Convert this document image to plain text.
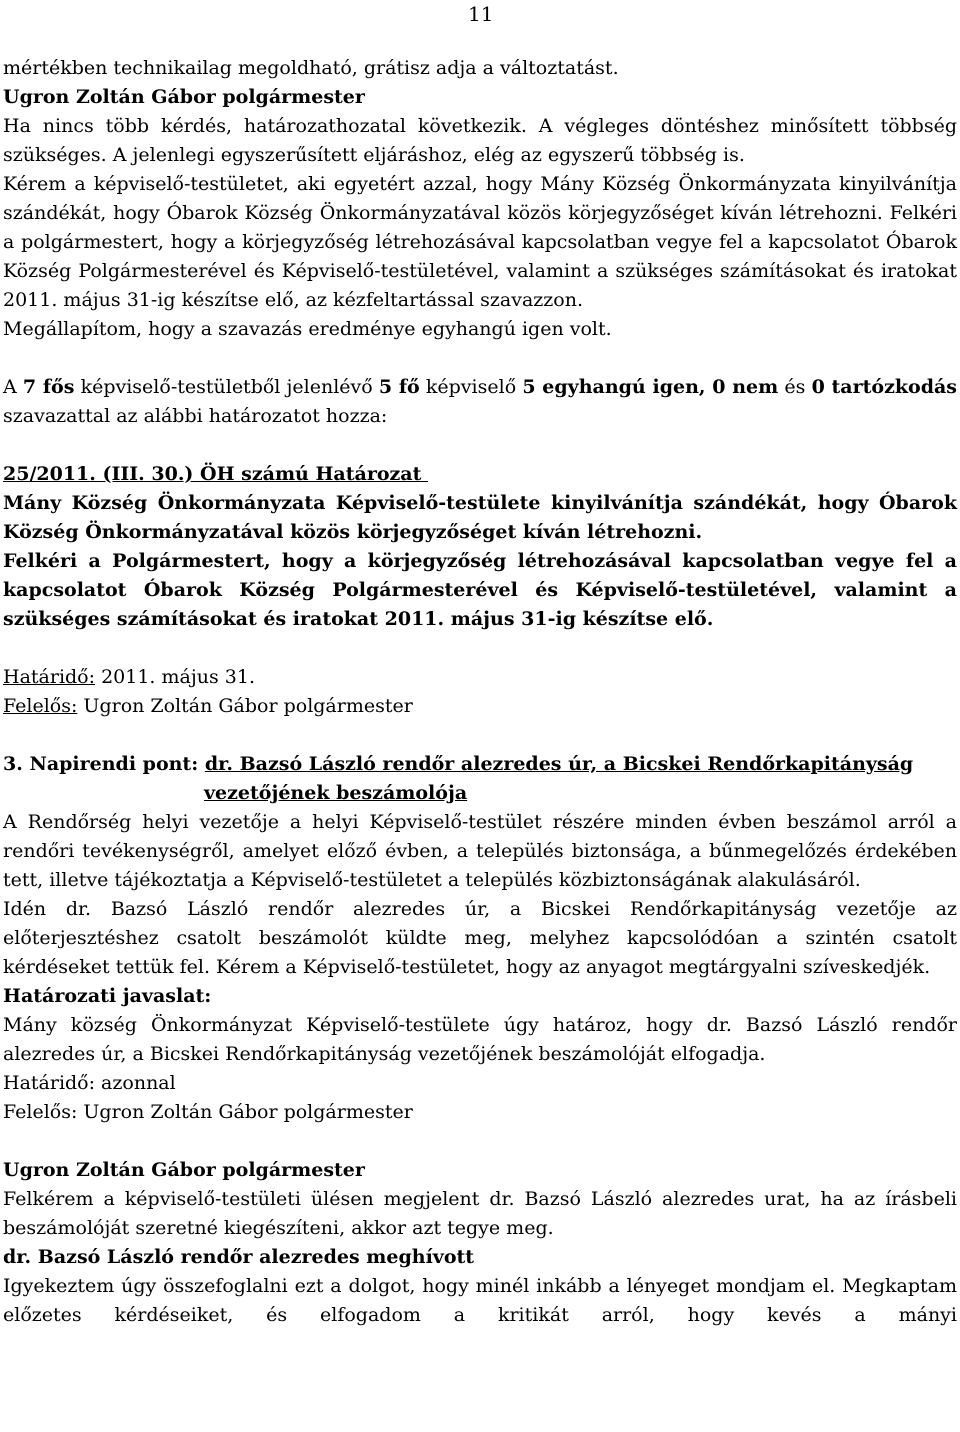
11

mértékben technikailag megoldható, grátisz adja a változtatást.

Ugron Zoltán Gábor polgármester

Ha nincs több kérdés, határozathozatal következik. A végleges döntéshez minősített többség szükséges. A jelenlegi egyszerűsített eljáráshoz, elég az egyszerű többség is.

Kérem a képviselő-testületet, aki egyetért azzal, hogy Mány Község Önkormányzata kinyilvánítja szándékát, hogy Óbarok Község Önkormányzatával közös körjegyzőséget kíván létrehozni. Felkéri a polgármestert, hogy a körjegyzőség létrehozásával kapcsolatban vegye fel a kapcsolatot Óbarok Község Polgármesterével és Képviselő-testületével, valamint a szükséges számításokat és iratokat 2011. május 31-ig készítse elő, az kézfeltartással szavazzon.

Megállapítom, hogy a szavazás eredménye egyhangú igen volt.

A 7 fős képviselő-testületből jelenlévő 5 fő képviselő 5 egyhangú igen, 0 nem és 0 tartózkodás szavazattal az alábbi határozatot hozza:

25/2011. (III. 30.) ÖH számú Határozat

Mány Község Önkormányzata Képviselő-testülete kinyilvánítja szándékát, hogy Óbarok Község Önkormányzatával közös körjegyzőséget kíván létrehozni.

Felkéri a Polgármestert, hogy a körjegyzőség létrehozásával kapcsolatban vegye fel a kapcsolatot Óbarok Község Polgármesterével és Képviselő-testületével, valamint a szükséges számításokat és iratokat 2011. május 31-ig készítse elő.

Határidő: 2011. május 31.

Felelős: Ugron Zoltán Gábor polgármester

3. Napirendi pont: dr. Bazsó László rendőr alezredes úr, a Bicskei Rendőrkapitányság

vezetőjének beszámolója

A Rendőrség helyi vezetője a helyi Képviselő-testület részére minden évben beszámol arról a rendőri tevékenységről, amelyet előző évben, a település biztonsága, a bűnmegelőzés érdekében tett, illetve tájékoztatja a Képviselő-testületet a település közbiztonságának alakulásáról.

Idén dr. Bazsó László rendőr alezredes úr, a Bicskei Rendőrkapitányság vezetője az előterjesztéshez csatolt beszámolót küldte meg, melyhez kapcsolódóan a szintén csatolt kérdéseket tettük fel. Kérem a Képviselő-testületet, hogy az anyagot megtárgyalni szíveskedjék.

Határozati javaslat:

Mány község Önkormányzat Képviselő-testülete úgy határoz, hogy dr. Bazsó László rendőr alezredes úr, a Bicskei Rendőrkapitányság vezetőjének beszámolóját elfogadja.

Határidő: azonnal

Felelős: Ugron Zoltán Gábor polgármester

Ugron Zoltán Gábor polgármester

Felkérem a képviselő-testületi ülésen megjelent dr. Bazsó László alezredes urat, ha az írásbeli beszámolóját szeretné kiegészíteni, akkor azt tegye meg.

dr. Bazsó László rendőr alezredes meghívott

Igyekeztem úgy összefoglalni ezt a dolgot, hogy minél inkább a lényeget mondjam el. Megkaptam előzetes kérdéseiket, és elfogadom a kritikát arról, hogy kevés a mányi
